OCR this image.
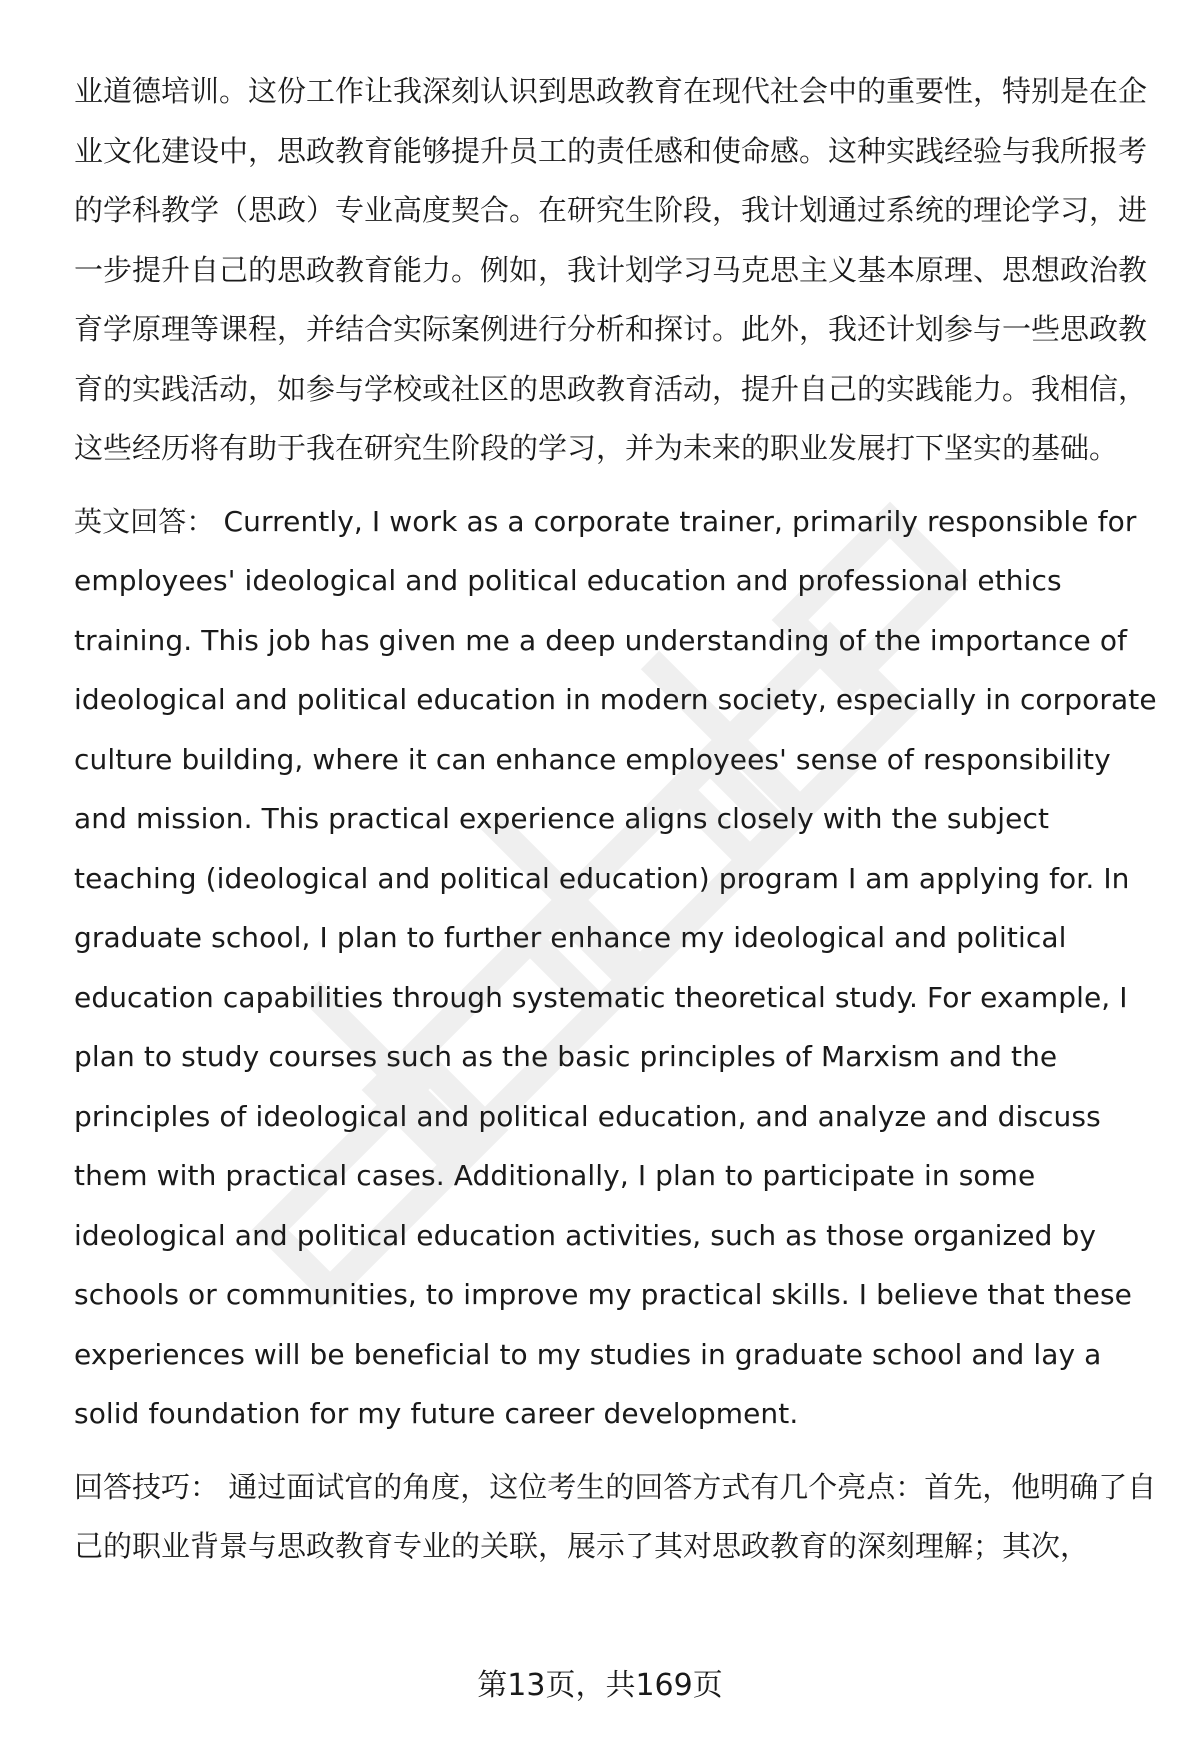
业道德培训。这份工作让我深刻认识到思政教育在现代社会中的重要性，特别是在企业文化建设中，思政教育能够提升员工的责任感和使命感。这种实践经验与我所报考的学科教学（思政）专业高度契合。在研究生阶段，我计划通过系统的理论学习，进一步提升自己的思政教育能力。例如，我计划学习马克思主义基本原理、思想政治教育学原理等课程，并结合实际案例进行分析和探讨。此外，我还计划参与一些思政教育的实践活动，如参与学校或社区的思政教育活动，提升自己的实践能力。我相信，这些经历将有助于我在研究生阶段的学习，并为未来的职业发展打下坚实的基础。

英文回答： Currently, I work as a corporate trainer, primarily responsible for employees' ideological and political education and professional ethics training. This job has given me a deep understanding of the importance of ideological and political education in modern society, especially in corporate culture building, where it can enhance employees' sense of responsibility and mission. This practical experience aligns closely with the subject teaching (ideological and political education) program I am applying for. In graduate school, I plan to further enhance my ideological and political education capabilities through systematic theoretical study. For example, I plan to study courses such as the basic principles of Marxism and the principles of ideological and political education, and analyze and discuss them with practical cases. Additionally, I plan to participate in some ideological and political education activities, such as those organized by schools or communities, to improve my practical skills. I believe that these experiences will be beneficial to my studies in graduate school and lay a solid foundation for my future career development.

回答技巧： 通过面试官的角度，这位考生的回答方式有几个亮点：首先，他明确了自己的职业背景与思政教育专业的关联，展示了其对思政教育的深刻理解；其次，

第13页，共169页
